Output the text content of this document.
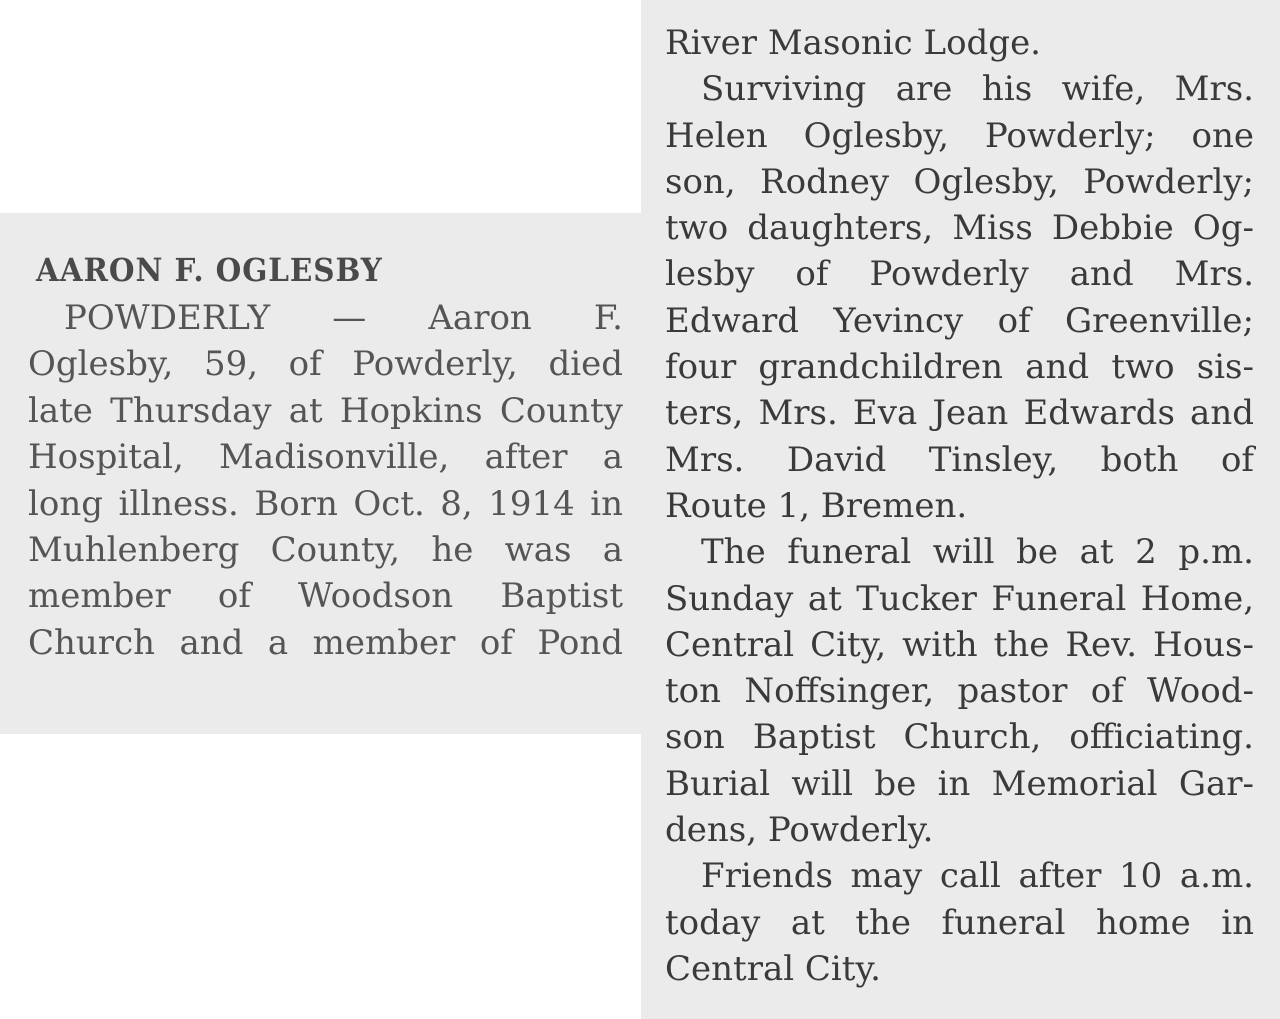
AARON F. OGLESBY
POWDERLY — Aaron F.
Oglesby, 59, of Powderly, died
late Thursday at Hopkins County
Hospital, Madisonville, after a
long illness. Born Oct. 8, 1914 in
Muhlenberg County, he was a
member of Woodson Baptist
Church and a member of Pond
River Masonic Lodge.
Surviving are his wife, Mrs.
Helen Oglesby, Powderly; one
son, Rodney Oglesby, Powderly;
two daughters, Miss Debbie Og-
lesby of Powderly and Mrs.
Edward Yevincy of Greenville;
four grandchildren and two sis-
ters, Mrs. Eva Jean Edwards and
Mrs. David Tinsley, both of
Route 1, Bremen.
The funeral will be at 2 p.m.
Sunday at Tucker Funeral Home,
Central City, with the Rev. Hous-
ton Noffsinger, pastor of Wood-
son Baptist Church, officiating.
Burial will be in Memorial Gar-
dens, Powderly.
Friends may call after 10 a.m.
today at the funeral home in
Central City.
